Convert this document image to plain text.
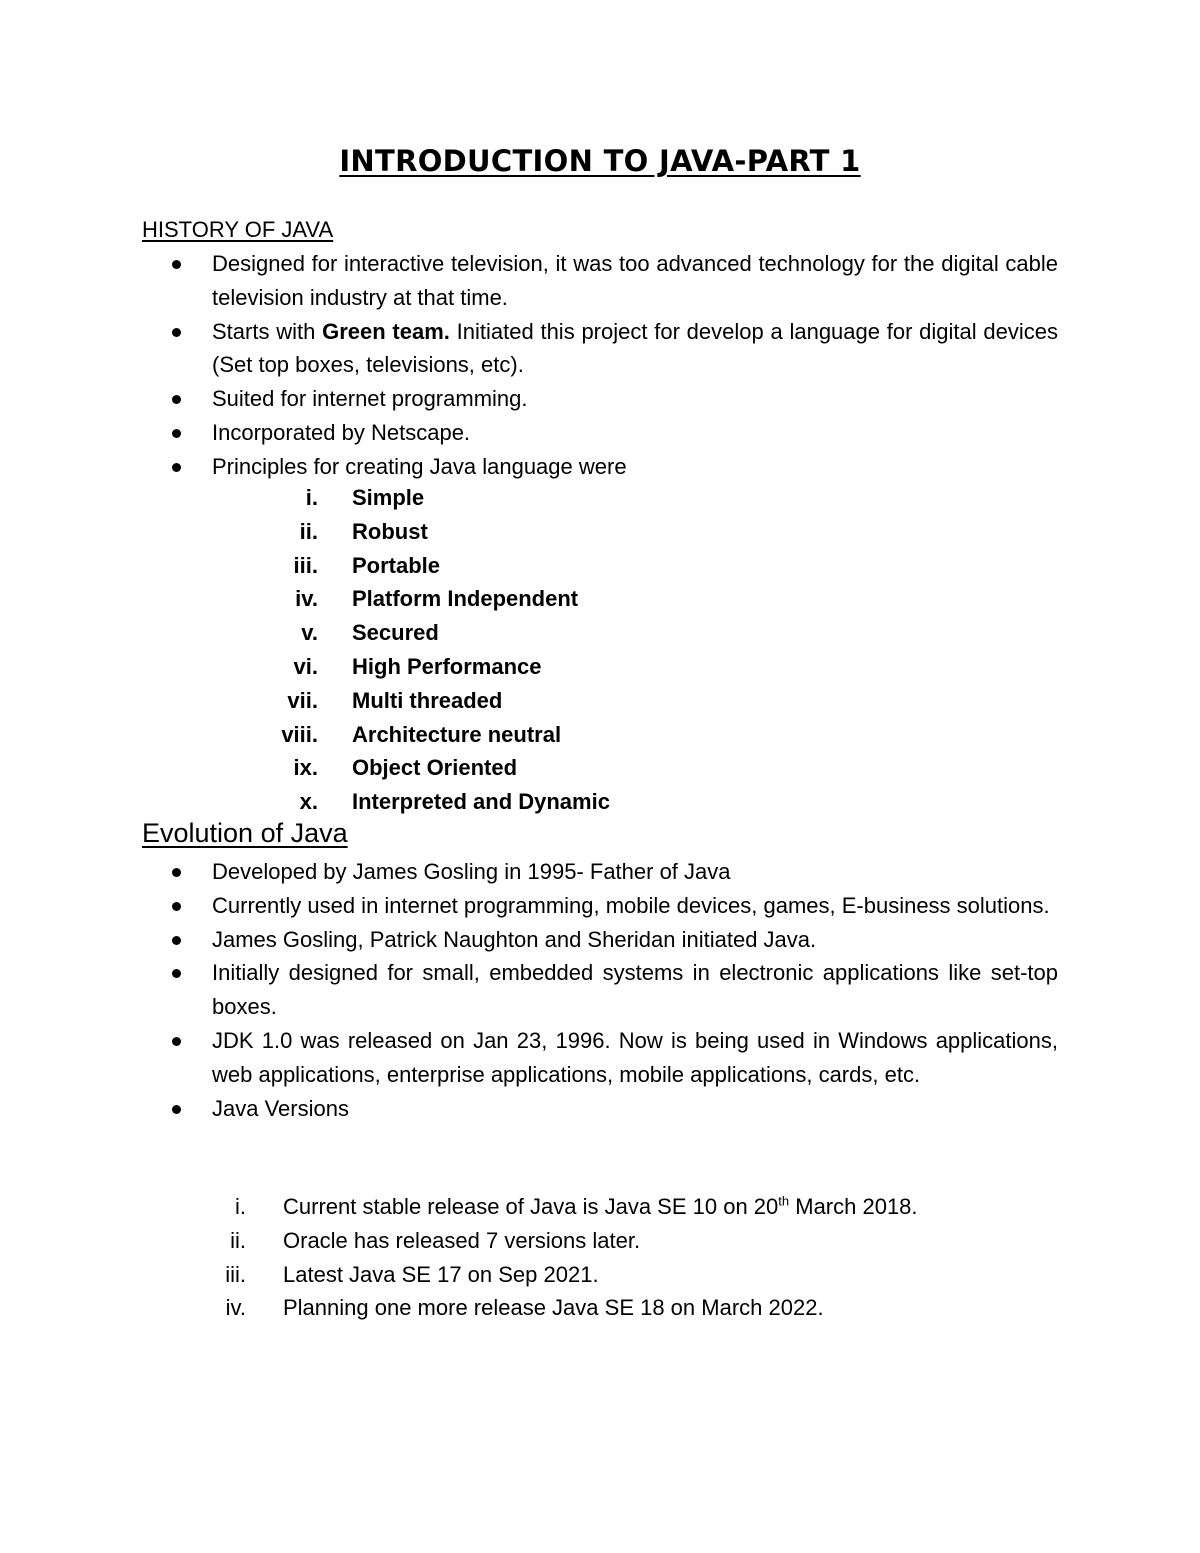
INTRODUCTION TO JAVA-PART 1
HISTORY OF JAVA
Designed for interactive television, it was too advanced technology for the digital cable television industry at that time.
Starts with Green team. Initiated this project for develop a language for digital devices (Set top boxes, televisions, etc).
Suited for internet programming.
Incorporated by Netscape.
Principles for creating Java language were
i. Simple
ii. Robust
iii. Portable
iv. Platform Independent
v. Secured
vi. High Performance
vii. Multi threaded
viii. Architecture neutral
ix. Object Oriented
x. Interpreted and Dynamic
Evolution of Java
Developed by James Gosling in 1995- Father of Java
Currently used in internet programming, mobile devices, games, E-business solutions.
James Gosling, Patrick Naughton and Sheridan initiated Java.
Initially designed for small, embedded systems in electronic applications like set-top boxes.
JDK 1.0 was released on Jan 23, 1996. Now is being used in Windows applications, web applications, enterprise applications, mobile applications, cards, etc.
Java Versions
i. Current stable release of Java is Java SE 10 on 20th March 2018.
ii. Oracle has released 7 versions later.
iii. Latest Java SE 17 on Sep 2021.
iv. Planning one more release Java SE 18 on March 2022.
